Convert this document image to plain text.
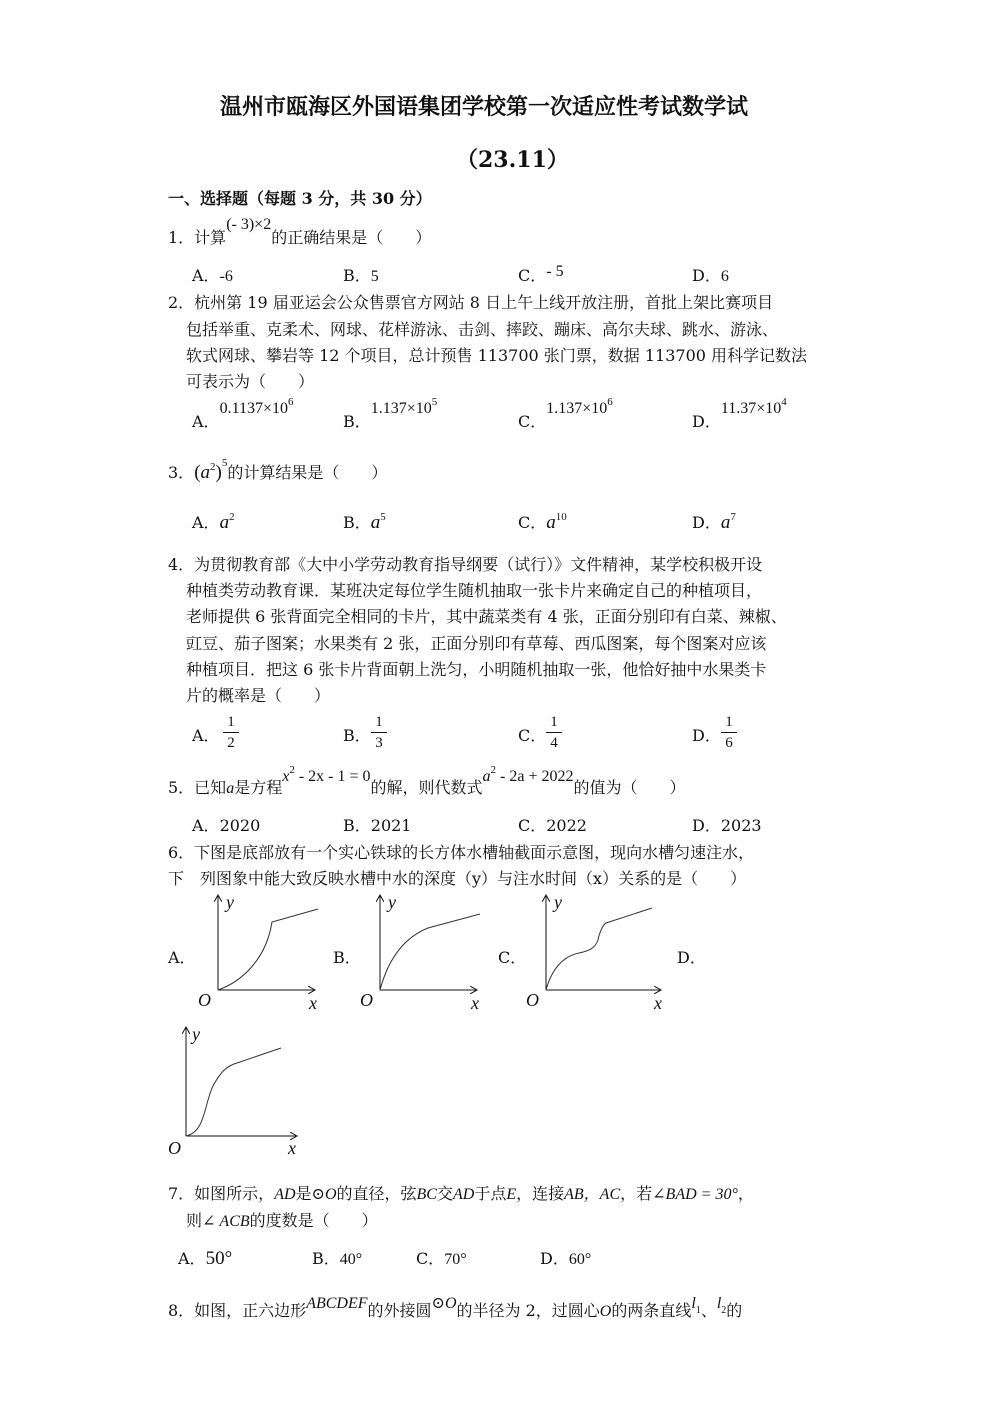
温州市瓯海区外国语集团学校第一次适应性考试数学试
（23.11）
一、选择题（每题 3 分，共 30 分）
1．计算(- 3)×2的正确结果是（　　）
A．-6	B．5	C．- 5	D．6
2．杭州第 19 届亚运会公众售票官方网站 8 日上午上线开放注册，首批上架比赛项目
包括举重、克柔术、网球、花样游泳、击剑、摔跤、蹦床、高尔夫球、跳水、游泳、
软式网球、攀岩等 12 个项目，总计预售 113700 张门票，数据 113700 用科学记数法
可表示为（　　）
A．$0.1137\times 10^6$
B．$1.137\times 10^5$
C．$1.137\times 10^6$
D．$11.37\times 10^4$
3．$(a^2)^5$的计算结果是（　　）
A．$a^2$	B．$a^5$	C．$a^{10}$	D．$a^7$
4．为贯彻教育部《大中小学劳动教育指导纲要（试行）》文件精神，某学校积极开设
种植类劳动教育课．某班决定每位学生随机抽取一张卡片来确定自己的种植项目，
老师提供 6 张背面完全相同的卡片，其中蔬菜类有 4 张，正面分别印有白菜、辣椒、
豇豆、茄子图案；水果类有 2 张，正面分别印有草莓、西瓜图案，每个图案对应该
种植项目．把这 6 张卡片背面朝上洗匀，小明随机抽取一张，他恰好抽中水果类卡
片的概率是（　　）
A．
1
2	B．
1
3	C．
1
4	D．
1
6
5．已知a是方程$x^2 - 2x - 1 = 0$的解，则代数式$a^2 - 2a + 2022$的值为（　　）
A．2020	B．2021	C．2022	D．2023
6．下图是底部放有一个实心铁球的长方体水槽轴截面示意图，现向水槽匀速注水，
下　列图象中能大致反映水槽中水的深度（y）与注水时间（x）关系的是（　　）
A．	B．	C．	D．
y
x
O
y
x
O
y
x
O
y
x
O
7．如图所示，AD是⊙O的直径，弦BC交AD于点E，连接AB，AC，若∠BAD = 30°，
则∠ ACB的度数是（　　）
A．50°	B．40°	C．70°	D．60°
8．如图，正六边形ABCDEF的外接圆⊙O的半径为 2，过圆心O的两条直线$l_1$、$l_2$的
